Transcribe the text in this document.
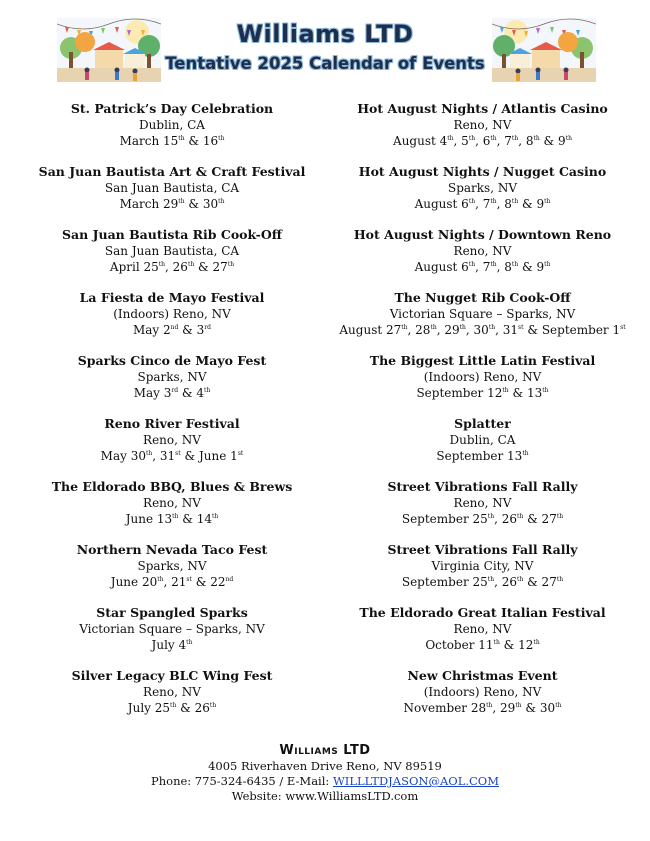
Williams LTD
Tentative 2025 Calendar of Events
St. Patrick’s Day Celebration
Dublin, CA
March 15th & 16th
San Juan Bautista Art & Craft Festival
San Juan Bautista, CA
March 29th & 30th
San Juan Bautista Rib Cook-Off
San Juan Bautista, CA
April 25th, 26th & 27th
La Fiesta de Mayo Festival
(Indoors) Reno, NV
May 2nd & 3rd
Sparks Cinco de Mayo Fest
Sparks, NV
May 3rd & 4th
Reno River Festival
Reno, NV
May 30th, 31st & June 1st
The Eldorado BBQ, Blues & Brews
Reno, NV
June 13th & 14th
Northern Nevada Taco Fest
Sparks, NV
June 20th, 21st & 22nd
Star Spangled Sparks
Victorian Square – Sparks, NV
July 4th
Silver Legacy BLC Wing Fest
Reno, NV
July 25th & 26th
Hot August Nights / Atlantis Casino
Reno, NV
August 4th, 5th, 6th, 7th, 8th & 9th
Hot August Nights / Nugget Casino
Sparks, NV
August 6th, 7th, 8th & 9th
Hot August Nights / Downtown Reno
Reno, NV
August 6th, 7th, 8th & 9th
The Nugget Rib Cook-Off
Victorian Square – Sparks, NV
August 27th, 28th, 29th, 30th, 31st & September 1st
The Biggest Little Latin Festival
(Indoors) Reno, NV
September 12th & 13th
Splatter
Dublin, CA
September 13th
Street Vibrations Fall Rally
Reno, NV
September 25th, 26th & 27th
Street Vibrations Fall Rally
Virginia City, NV
September 25th, 26th & 27th
The Eldorado Great Italian Festival
Reno, NV
October 11th & 12th
New Christmas Event
(Indoors) Reno, NV
November 28th, 29th & 30th
Williams LTD
4005 Riverhaven Drive Reno, NV 89519
Phone: 775-324-6435 / E-Mail: WILLLTDJASON@AOL.COM
Website: www.WilliamsLTD.com
